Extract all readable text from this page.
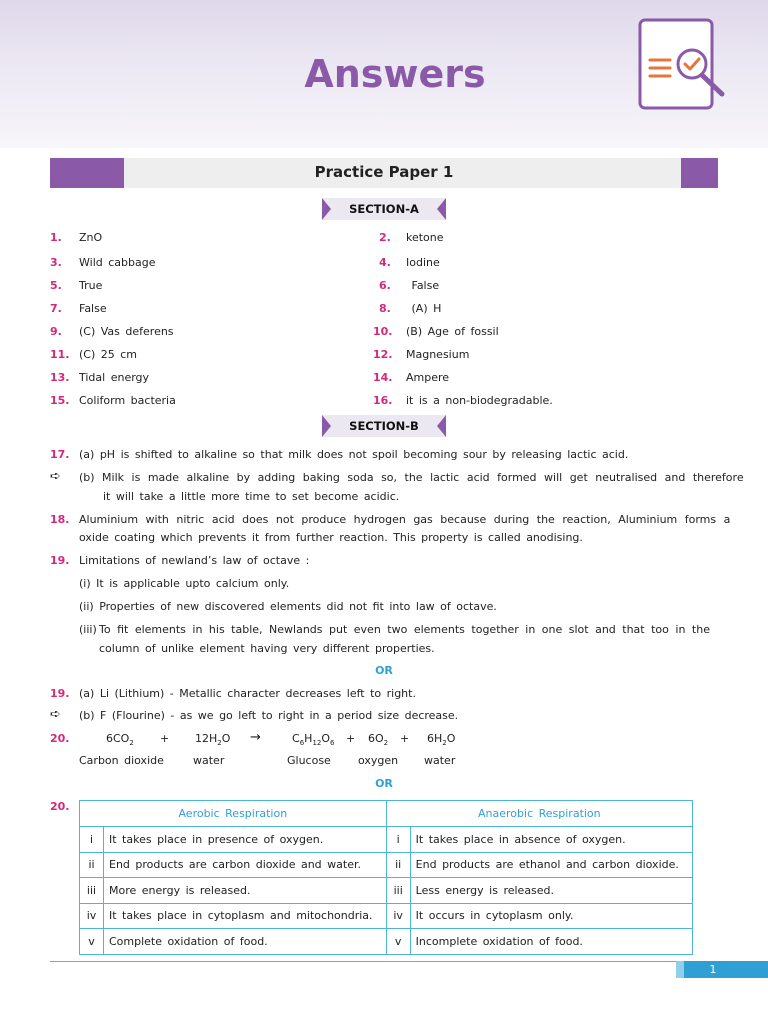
Answers
Practice Paper 1
SECTION-A
1. ZnO
3. Wild cabbage
5. True
7. False
9. (C) Vas deferens
11. (C) 25 cm
13. Tidal energy
15. Coliform bacteria
2. ketone
4. Iodine
6. False
8. (A) H
10. (B) Age of fossil
12. Magnesium
14. Ampere
16. it is a non-biodegradable.
SECTION-B
17. (a) pH is shifted to alkaline so that milk does not spoil becoming sour by releasing lactic acid.
➪ (b) Milk is made alkaline by adding baking soda so, the lactic acid formed will get neutralised and therefore
it will take a little more time to set become acidic.
18. Aluminium with nitric acid does not produce hydrogen gas because during the reaction, Aluminium forms a
oxide coating which prevents it from further reaction. This property is called anodising.
19. Limitations of newland’s law of octave :
(i) It is applicable upto calcium only.
(ii) Properties of new discovered elements did not fit into law of octave.
(iii) To fit elements in his table, Newlands put even two elements together in one slot and that too in the
column of unlike element having very different properties.
OR
19. (a) Li (Lithium) - Metallic character decreases left to right.
➪ (b) F (Flourine) - as we go left to right in a period size decrease.
20.	$6CO_2 + 12H_2O$ →	$C_6H_{12}O_6 + 6O_2 + 6H_2O$
Carbon dioxide	water	Glucose oxygen water
OR
20.
Aerobic Respiration		Anaerobic Respiration	
i	It takes place in presence of oxygen.	i	It takes place in absence of oxygen.
ii	End products are carbon dioxide and water.	ii	End products are ethanol and carbon dioxide.
iii	More energy is released.	iii	Less energy is released.
iv	It takes place in cytoplasm and mitochondria.	iv	It occurs in cytoplasm only.
v	Complete oxidation of food.	v	Incomplete oxidation of food.
1
